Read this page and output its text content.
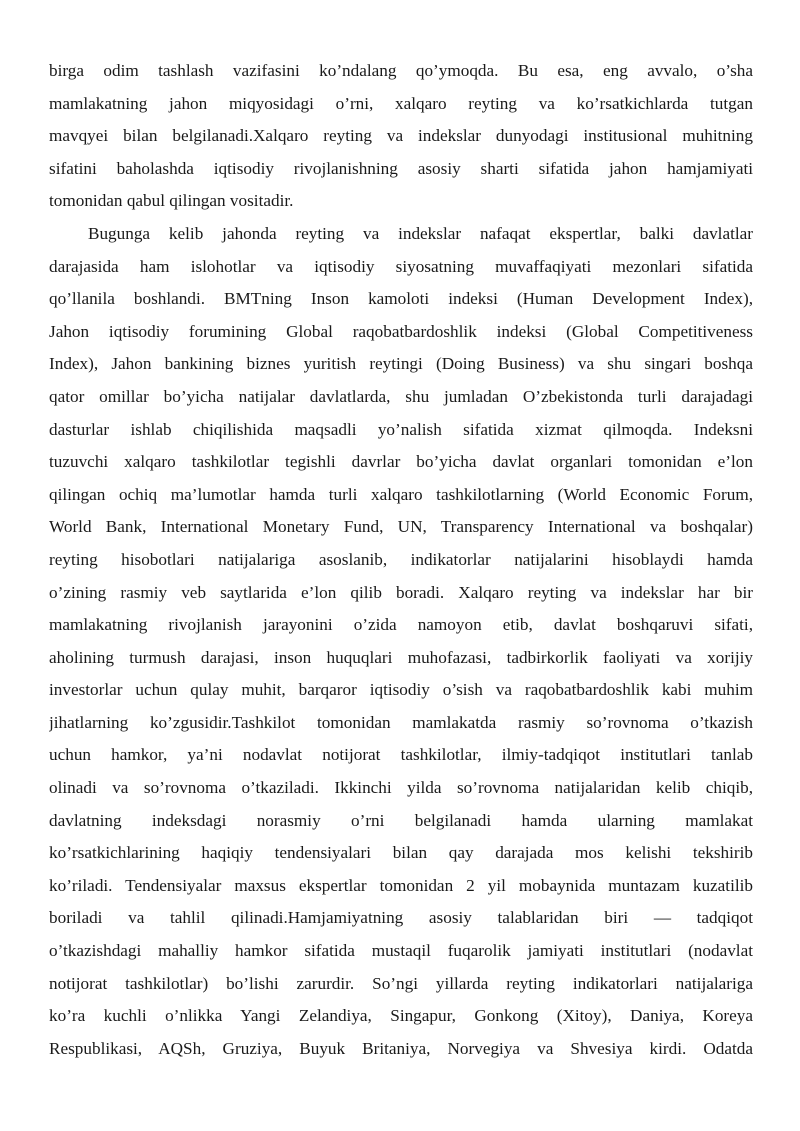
birga odim tashlash vazifasini ko’ndalang qo’ymoqda. Bu esa, eng avvalo, o’sha
mamlakatning jahon miqyosidagi o’rni, xalqaro reyting va ko’rsatkichlarda tutgan
mavqyei bilan belgilanadi.Xalqaro reyting va indekslar dunyodagi institusional muhitning
sifatini baholashda iqtisodiy rivojlanishning asosiy sharti sifatida jahon hamjamiyati
tomonidan qabul qilingan vositadir.
Bugunga kelib jahonda reyting va indekslar nafaqat ekspertlar, balki davlatlar
darajasida ham islohotlar va iqtisodiy siyosatning muvaffaqiyati mezonlari sifatida
qo’llanila boshlandi. BMTning Inson kamoloti indeksi (Human Development Index),
Jahon iqtisodiy forumining Global raqobatbardoshlik indeksi (Global Competitiveness
Index), Jahon bankining biznes yuritish reytingi (Doing Business) va shu singari boshqa
qator omillar bo’yicha natijalar davlatlarda, shu jumladan O’zbekistonda turli darajadagi
dasturlar ishlab chiqilishida maqsadli yo’nalish sifatida xizmat qilmoqda. Indeksni
tuzuvchi xalqaro tashkilotlar tegishli davrlar bo’yicha davlat organlari tomonidan e’lon
qilingan ochiq ma’lumotlar hamda turli xalqaro tashkilotlarning (World Economic Forum,
World Bank, International Monetary Fund, UN, Transparency International va boshqalar)
reyting hisobotlari natijalariga asoslanib, indikatorlar natijalarini hisoblaydi hamda
o’zining rasmiy veb saytlarida e’lon qilib boradi. Xalqaro reyting va indekslar har bir
mamlakatning rivojlanish jarayonini o’zida namoyon etib, davlat boshqaruvi sifati,
aholining turmush darajasi, inson huquqlari muhofazasi, tadbirkorlik faoliyati va xorijiy
investorlar uchun qulay muhit, barqaror iqtisodiy o’sish va raqobatbardoshlik kabi muhim
jihatlarning ko’zgusidir.Tashkilot tomonidan mamlakatda rasmiy so’rovnoma o’tkazish
uchun hamkor, ya’ni nodavlat notijorat tashkilotlar, ilmiy-tadqiqot institutlari tanlab
olinadi va so’rovnoma o’tkaziladi. Ikkinchi yilda so’rovnoma natijalaridan kelib chiqib,
davlatning indeksdagi norasmiy o’rni belgilanadi hamda ularning mamlakat
ko’rsatkichlarining haqiqiy tendensiyalari bilan qay darajada mos kelishi tekshirib
ko’riladi. Tendensiyalar maxsus ekspertlar tomonidan 2 yil mobaynida muntazam kuzatilib
boriladi va tahlil qilinadi.Hamjamiyatning asosiy talablaridan biri — tadqiqot
o’tkazishdagi mahalliy hamkor sifatida mustaqil fuqarolik jamiyati institutlari (nodavlat
notijorat tashkilotlar) bo’lishi zarurdir. So’ngi yillarda reyting indikatorlari natijalariga
ko’ra kuchli o’nlikka Yangi Zelandiya, Singapur, Gonkong (Xitoy), Daniya, Koreya
Respublikasi, AQSh, Gruziya, Buyuk Britaniya, Norvegiya va Shvesiya kirdi. Odatda
